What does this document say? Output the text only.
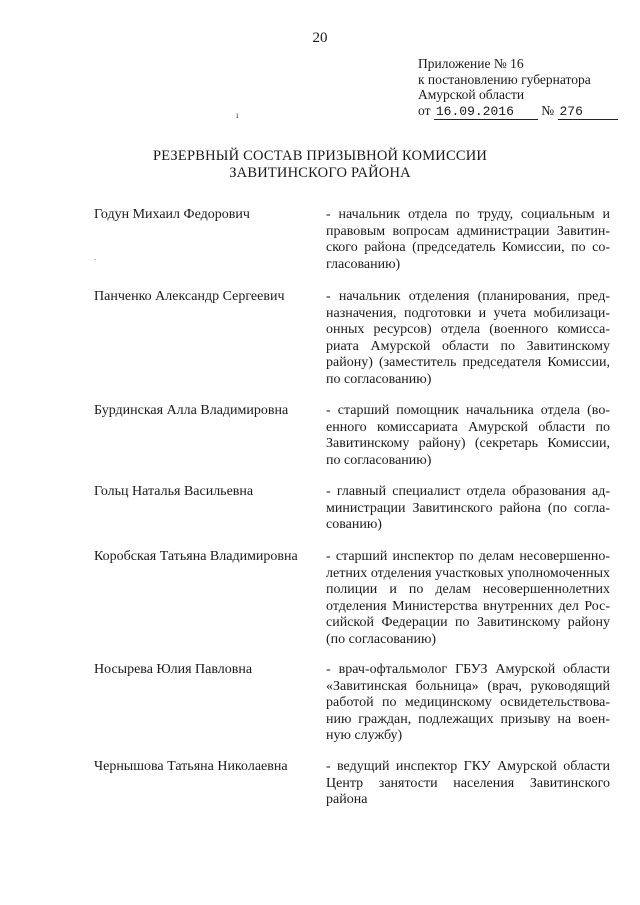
20
Приложение № 16
к постановлению губернатора
Амурской области
от 16.09.2016 № 276
ı
РЕЗЕРВНЫЙ СОСТАВ ПРИЗЫВНОЙ КОМИССИИ
ЗАВИТИНСКОГО РАЙОНА
.
Годун Михаил Федорович	- начальник отдела по труду, социальным и правовым вопросам администрации Завитинского района (председатель Комиссии, по согласованию)
Панченко Александр Сергеевич	- начальник отделения (планирования, предназначения, подготовки и учета мобилизационных ресурсов) отдела (военного комиссариата Амурской области по Завитинскому району) (заместитель председателя Комиссии, по согласованию)
Бурдинская Алла Владимировна	- старший помощник начальника отдела (военного комиссариата Амурской области по Завитинскому району) (секретарь Комиссии, по согласованию)
Гольц Наталья Васильевна	- главный специалист отдела образования администрации Завитинского района (по согласованию)
Коробская Татьяна Владимировна	- старший инспектор по делам несовершеннолетних отделения участковых уполномоченных полиции и по делам несовершеннолетних отделения Министерства внутренних дел Российской Федерации по Завитинскому району (по согласованию)
Носырева Юлия Павловна	- врач-офтальмолог ГБУЗ Амурской области «Завитинская больница» (врач, руководящий работой по медицинскому освидетельствованию граждан, подлежащих призыву на военную службу)
Чернышова Татьяна Николаевна	- ведущий инспектор ГКУ Амурской области Центр занятости населения Завитинского района
